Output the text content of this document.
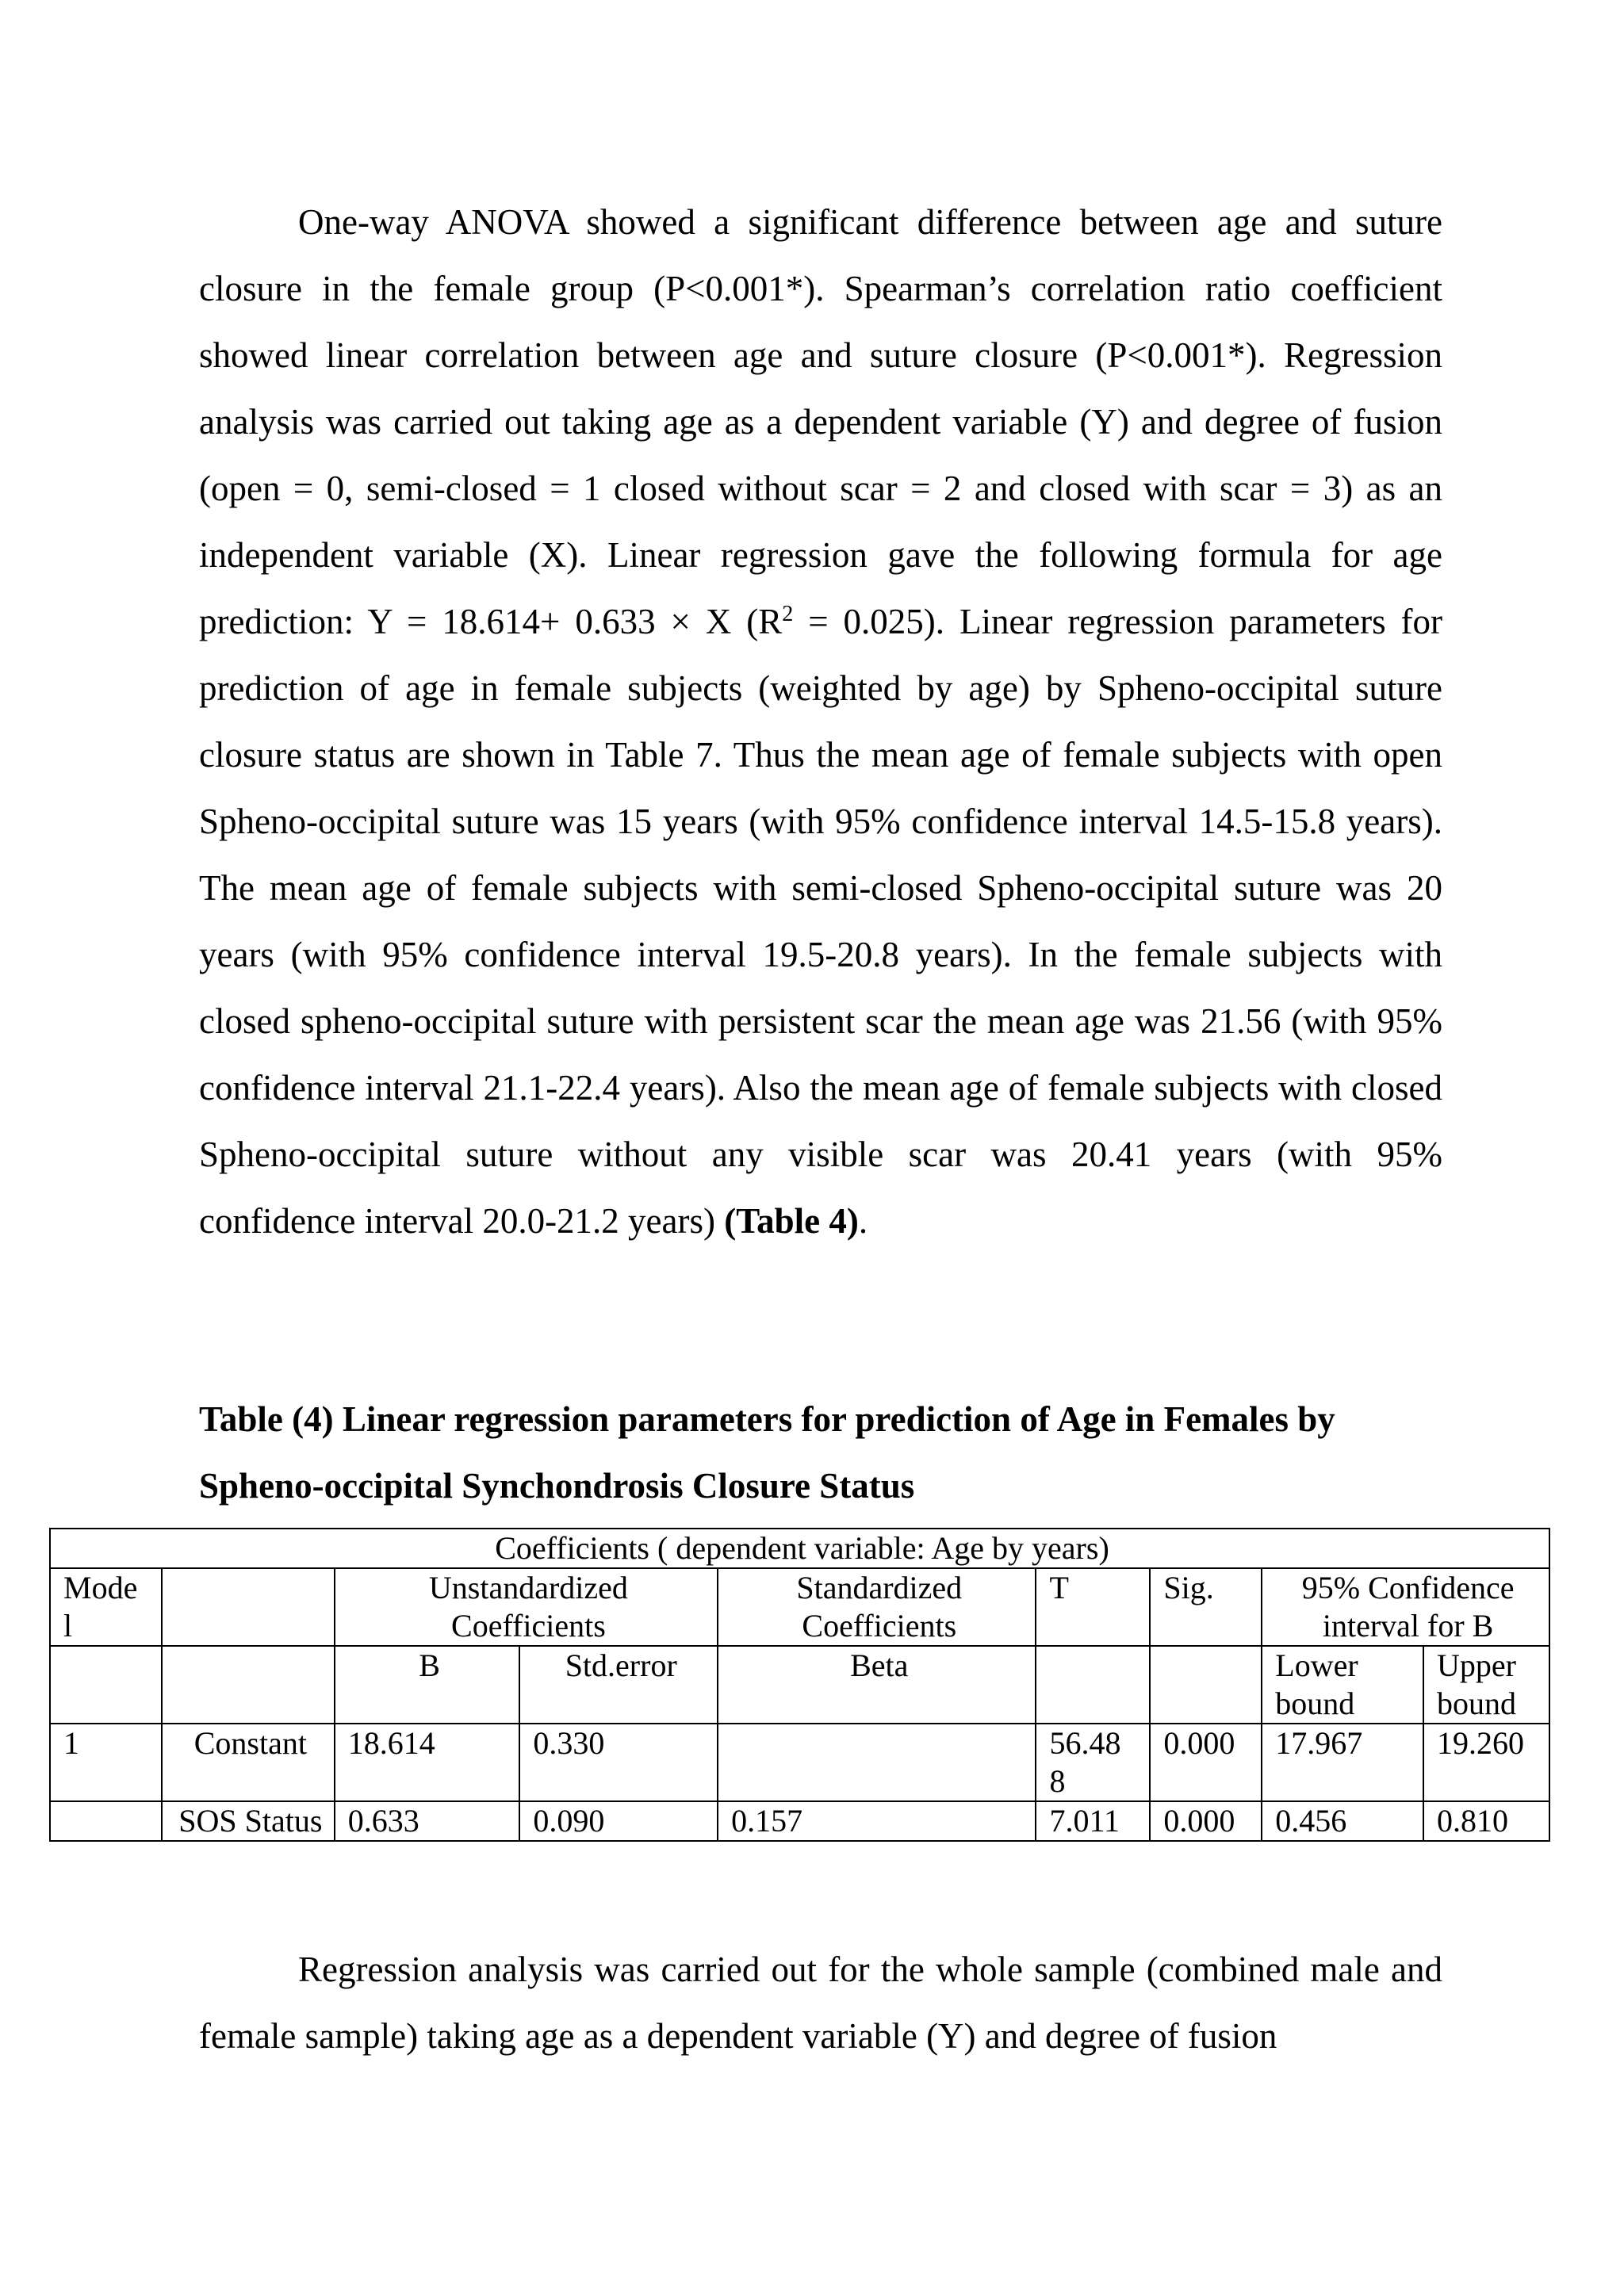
One-way ANOVA showed a significant difference between age and suture closure in the female group (P<0.001*). Spearman’s correlation ratio coefficient showed linear correlation between age and suture closure (P<0.001*). Regression analysis was carried out taking age as a dependent variable (Y) and degree of fusion (open = 0, semi-closed = 1 closed without scar = 2 and closed with scar = 3) as an independent variable (X). Linear regression gave the following formula for age prediction: Y = 18.614+ 0.633 × X $(R^2 = 0.025)$. Linear regression parameters for prediction of age in female subjects (weighted by age) by Spheno-occipital suture closure status are shown in Table 7. Thus the mean age of female subjects with open Spheno-occipital suture was 15 years (with 95% confidence interval 14.5-15.8 years). The mean age of female subjects with semi-closed Spheno-occipital suture was 20 years (with 95% confidence interval 19.5-20.8 years). In the female subjects with closed spheno-occipital suture with persistent scar the mean age was 21.56 (with 95% confidence interval 21.1-22.4 years). Also the mean age of female subjects with closed Spheno-occipital suture without any visible scar was 20.41 years (with 95% confidence interval 20.0-21.2 years) (Table 4).

Table (4) Linear regression parameters for prediction of Age in Females by Spheno-occipital Synchondrosis Closure Status

Coefficients ( dependent variable: Age by years)								
Mode l		Unstandardized Coefficients		Standardized Coefficients	T	Sig.	95% Confidence interval for B	
		B	Std.error	Beta			Lower bound	Upper bound
1	Constant	18.614	0.330		56.48 8	0.000	17.967	19.260
	SOS Status	0.633	0.090	0.157	7.011	0.000	0.456	0.810

Regression analysis was carried out for the whole sample (combined male and female sample) taking age as a dependent variable (Y) and degree of fusion
